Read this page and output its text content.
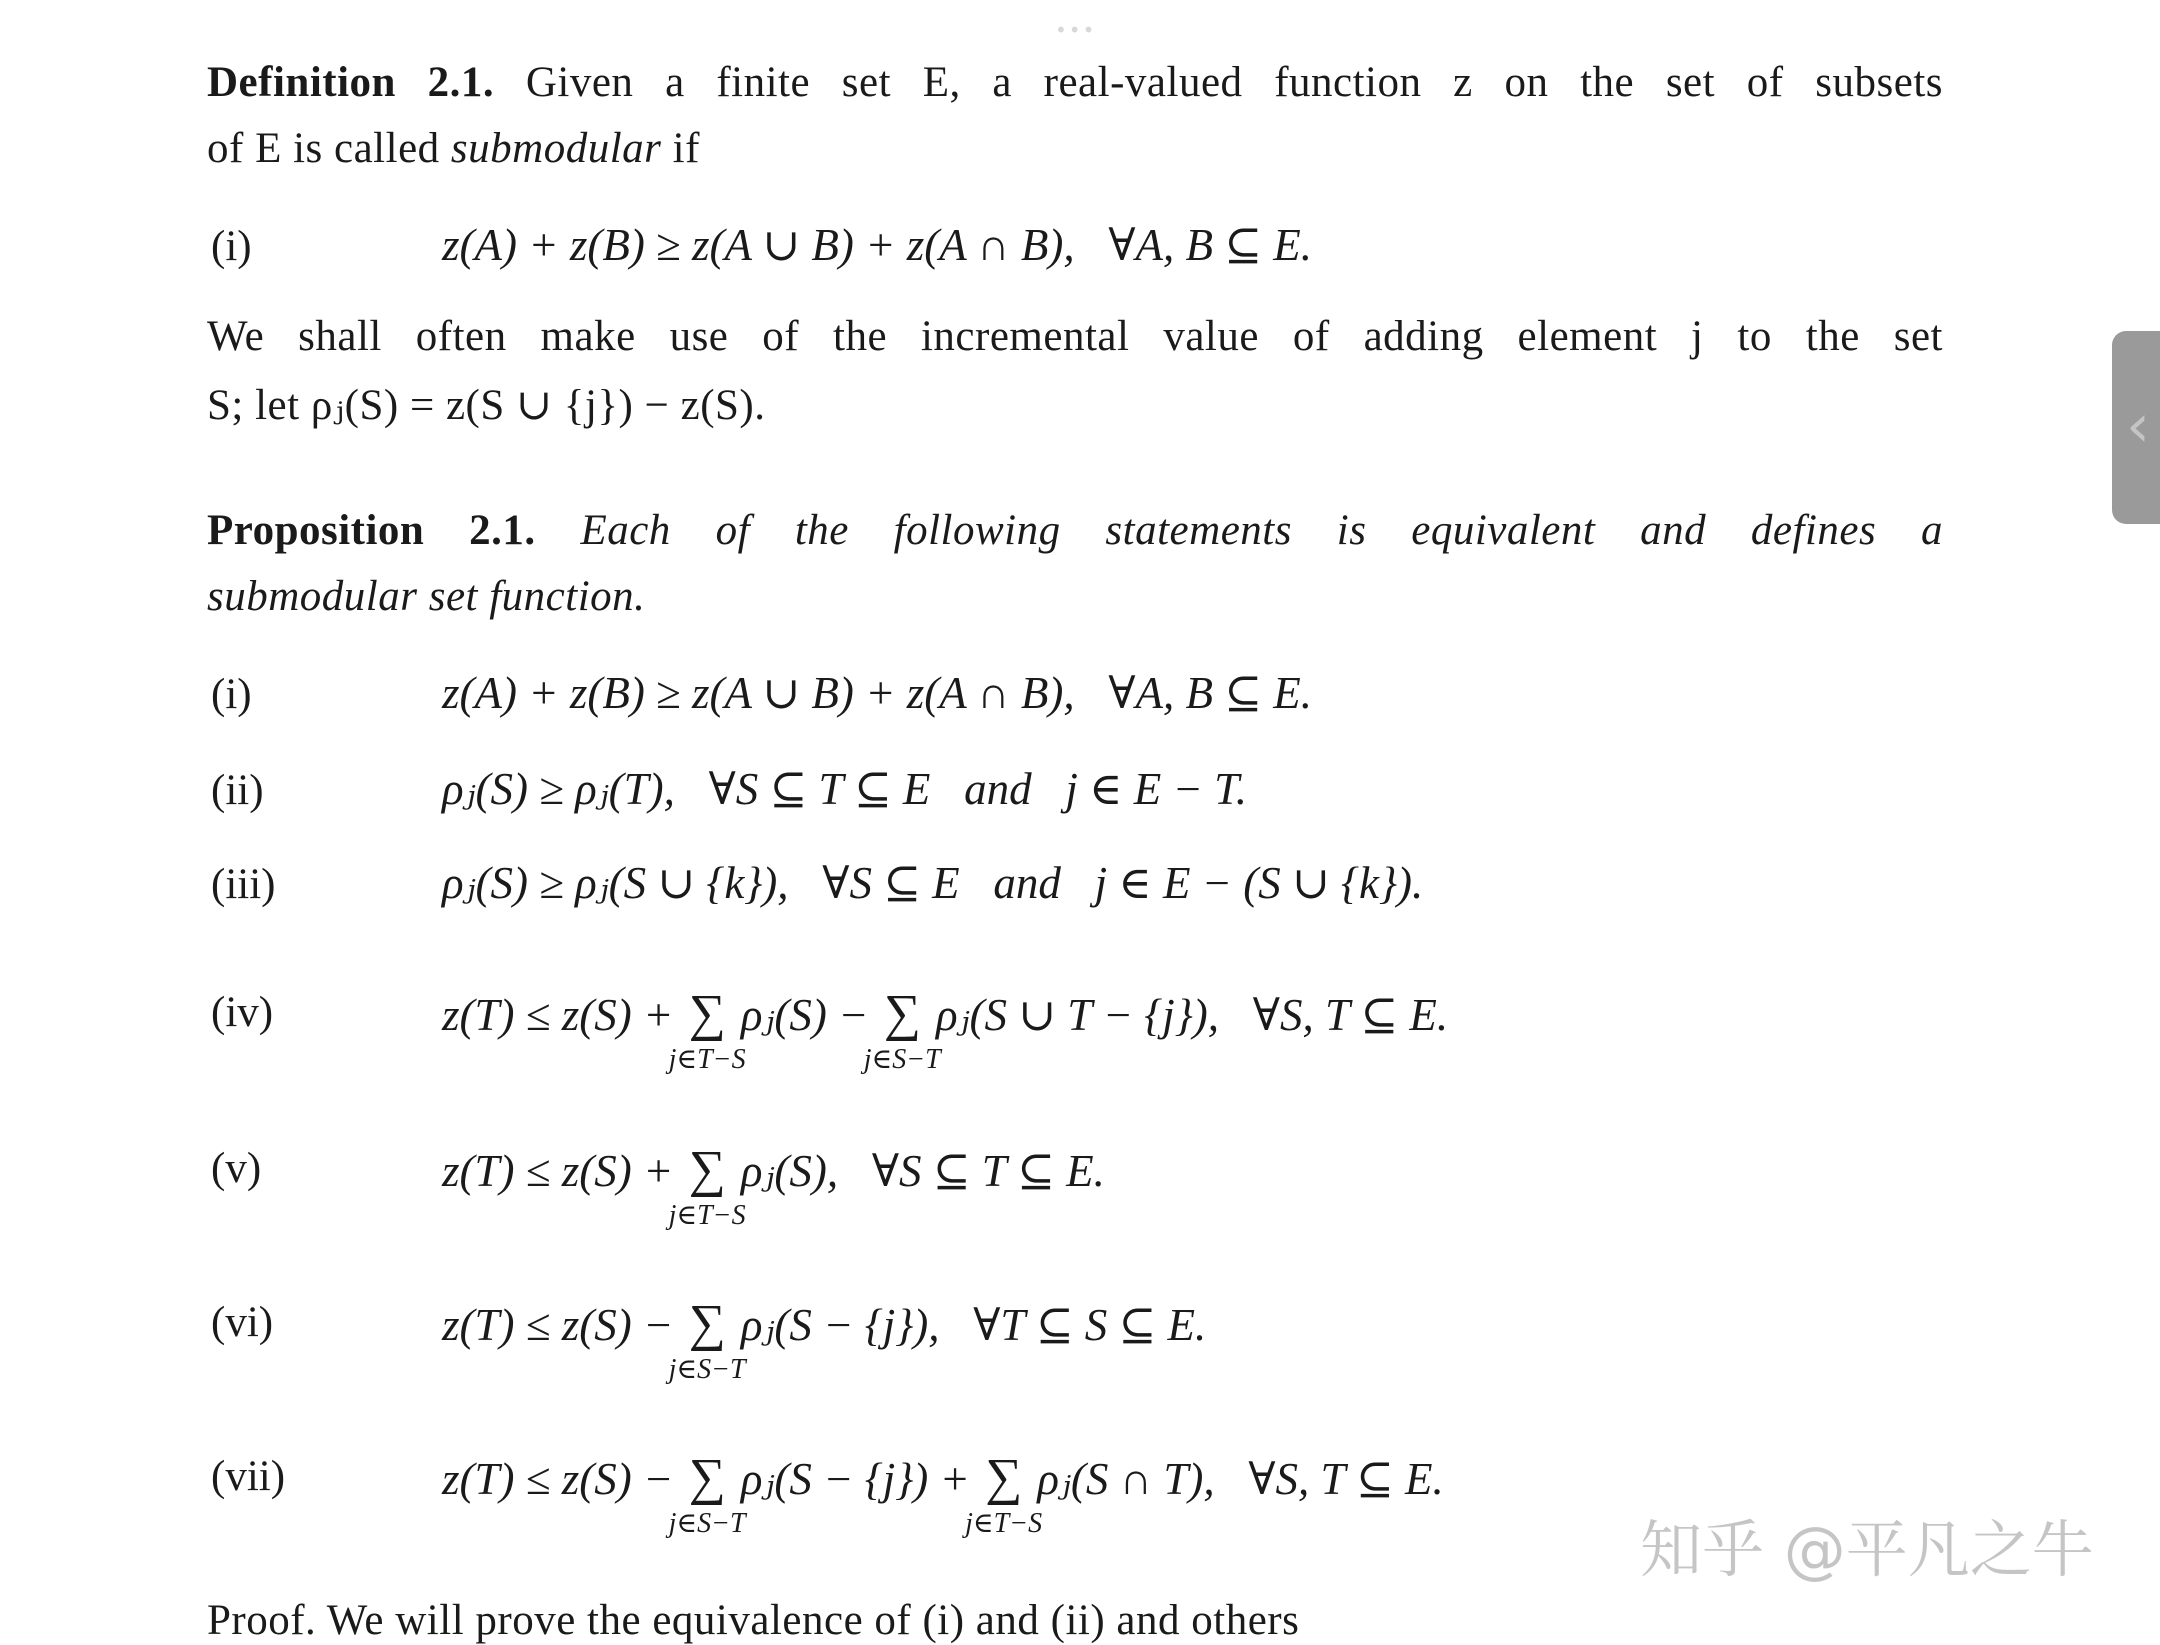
•••
Definition 2.1. Given a finite set E, a real-valued function z on the set of subsets
of E is called submodular if
(i)	z(A) + z(B) ≥ z(A ∪ B) + z(A ∩ B),   ∀A, B ⊆ E.
We shall often make use of the incremental value of adding element j to the set
S; let ρⱼ(S) = z(S ∪ {j}) − z(S).
Proposition 2.1. Each of the following statements is equivalent and defines a
submodular set function.
(i)	z(A) + z(B) ≥ z(A ∪ B) + z(A ∩ B),   ∀A, B ⊆ E.
(ii)	ρⱼ(S) ≥ ρⱼ(T),   ∀S ⊆ T ⊆ E   and   j ∈ E − T.
(iii)	ρⱼ(S) ≥ ρⱼ(S ∪ {k}),   ∀S ⊆ E   and   j ∈ E − (S ∪ {k}).
(iv)	z(T) ≤ z(S) + ∑
j∈T−S
ρⱼ(S) − ∑
j∈S−T
ρⱼ(S ∪ T − {j}),   ∀S, T ⊆ E.
(v)	z(T) ≤ z(S) + ∑
j∈T−S
ρⱼ(S),   ∀S ⊆ T ⊆ E.
(vi)	z(T) ≤ z(S) − ∑
j∈S−T
ρⱼ(S − {j}),   ∀T ⊆ S ⊆ E.
(vii)	z(T) ≤ z(S) − ∑
j∈S−T
ρⱼ(S − {j}) + ∑
j∈T−S
ρⱼ(S ∩ T),   ∀S, T ⊆ E.
Proof. We will prove the equivalence of (i) and (ii) and others
‹
知乎 @平凡之牛
